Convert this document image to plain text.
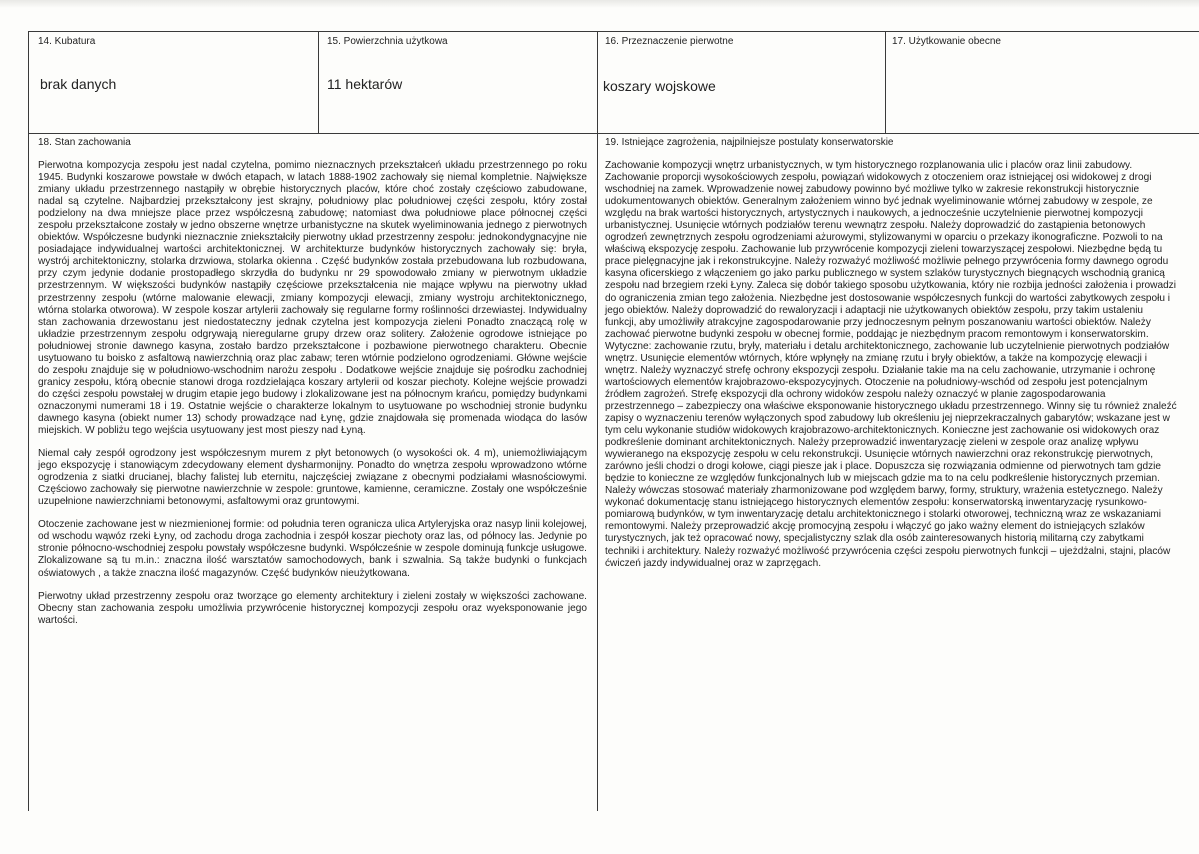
14. Kubatura
brak danych
15. Powierzchnia użytkowa
11 hektarów
16. Przeznaczenie pierwotne
koszary wojskowe
17. Użytkowanie obecne
18. Stan zachowania	19. Istniejące zagrożenia, najpilniejsze postulaty konserwatorskie

Pierwotna kompozycja zespołu jest nadal czytelna, pomimo nieznacznych przekształceń układu przestrzennego po roku 1945. Budynki koszarowe powstałe w dwóch etapach, w latach 1888-1902 zachowały się niemal kompletnie. Największe zmiany układu przestrzennego nastąpiły w obrębie historycznych placów, które choć zostały częściowo zabudowane, nadal są czytelne. Najbardziej przekształcony jest skrajny, południowy plac południowej części zespołu, który został podzielony na dwa mniejsze place przez współczesną zabudowę; natomiast dwa południowe place północnej części zespołu przekształcone zostały w jedno obszerne wnętrze urbanistyczne na skutek wyeliminowania jednego z pierwotnych obiektów. Współczesne budynki nieznacznie zniekształciły pierwotny układ przestrzenny zespołu: jednokondygnacyjne nie posiadające indywidualnej wartości architektonicznej. W architekturze budynków historycznych zachowały się: bryła, wystrój architektoniczny, stolarka drzwiowa, stolarka okienna . Część budynków została przebudowana lub rozbudowana, przy czym jedynie dodanie prostopadłego skrzydła do budynku nr 29 spowodowało zmiany w pierwotnym układzie przestrzennym. W większości budynków nastąpiły częściowe przekształcenia nie mające wpływu na pierwotny układ przestrzenny zespołu (wtórne malowanie elewacji, zmiany kompozycji elewacji, zmiany wystroju architektonicznego, wtórna stolarka otworowa). W zespole koszar artylerii zachowały się regularne formy roślinności drzewiastej. Indywidualny stan zachowania drzewostanu jest niedostateczny jednak czytelna jest kompozycja zieleni Ponadto znaczącą rolę w układzie przestrzennym zespołu odgrywają nieregularne grupy drzew oraz solitery. Założenie ogrodowe istniejące po południowej stronie dawnego kasyna, zostało bardzo przekształcone i pozbawione pierwotnego charakteru. Obecnie usytuowano tu boisko z asfaltową nawierzchnią oraz plac zabaw; teren wtórnie podzielono ogrodzeniami. Główne wejście do zespołu znajduje się w południowo-wschodnim narożu zespołu . Dodatkowe wejście znajduje się pośrodku zachodniej granicy zespołu, którą obecnie stanowi droga rozdzielająca koszary artylerii od koszar piechoty. Kolejne wejście prowadzi do części zespołu powstałej w drugim etapie jego budowy i zlokalizowane jest na północnym krańcu, pomiędzy budynkami oznaczonymi numerami 18 i 19. Ostatnie wejście o charakterze lokalnym to usytuowane po wschodniej stronie budynku dawnego kasyna (obiekt numer 13) schody prowadzące nad Łynę, gdzie znajdowała się promenada wiodąca do lasów miejskich. W pobliżu tego wejścia usytuowany jest most pieszy nad Łyną.

Niemal cały zespół ogrodzony jest współczesnym murem z płyt betonowych (o wysokości ok. 4 m), uniemożliwiającym jego ekspozycję i stanowiącym zdecydowany element dysharmonijny. Ponadto do wnętrza zespołu wprowadzono wtórne ogrodzenia z siatki drucianej, blachy falistej lub eternitu, najczęściej związane z obecnymi podziałami własnościowymi. Częściowo zachowały się pierwotne nawierzchnie w zespole: gruntowe, kamienne, ceramiczne. Zostały one współcześnie uzupełnione nawierzchniami betonowymi, asfaltowymi oraz gruntowymi.

Otoczenie zachowane jest w niezmienionej formie: od południa teren ogranicza ulica Artyleryjska oraz nasyp linii kolejowej, od wschodu wąwóz rzeki Łyny, od zachodu droga zachodnia i zespół koszar piechoty oraz las, od północy las. Jedynie po stronie północno-wschodniej zespołu powstały współczesne budynki. Współcześnie w zespole dominują funkcje usługowe. Zlokalizowane są tu m.in.: znaczna ilość warsztatów samochodowych, bank i szwalnia. Są także budynki o funkcjach oświatowych , a także znaczna ilość magazynów. Część budynków nieużytkowana.

Pierwotny układ przestrzenny zespołu oraz tworzące go elementy architektury i zieleni zostały w większości zachowane. Obecny stan zachowania zespołu umożliwia przywrócenie historycznej kompozycji zespołu oraz wyeksponowanie jego wartości.

Zachowanie kompozycji wnętrz urbanistycznych, w tym historycznego rozplanowania ulic i placów oraz linii zabudowy. Zachowanie proporcji wysokościowych zespołu, powiązań widokowych z otoczeniem oraz istniejącej osi widokowej z drogi wschodniej na zamek. Wprowadzenie nowej zabudowy powinno być możliwe tylko w zakresie rekonstrukcji historycznie udokumentowanych obiektów. Generalnym założeniem winno być jednak wyeliminowanie wtórnej zabudowy w zespole, ze względu na brak wartości historycznych, artystycznych i naukowych, a jednocześnie uczytelnienie pierwotnej kompozycji urbanistycznej. Usunięcie wtórnych podziałów terenu wewnątrz zespołu. Należy doprowadzić do zastąpienia betonowych ogrodzeń zewnętrznych zespołu ogrodzeniami ażurowymi, stylizowanymi w oparciu o przekazy ikonograficzne. Pozwoli to na właściwą ekspozycję zespołu. Zachowanie lub przywrócenie kompozycji zieleni towarzyszącej zespołowi. Niezbędne będą tu prace pielęgnacyjne jak i rekonstrukcyjne. Należy rozważyć możliwość możliwie pełnego przywrócenia formy dawnego ogrodu kasyna oficerskiego z włączeniem go jako parku publicznego w system szlaków turystycznych biegnących wschodnią granicą zespołu nad brzegiem rzeki Łyny. Zaleca się dobór takiego sposobu użytkowania, który nie rozbija jedności założenia i prowadzi do ograniczenia zmian tego założenia. Niezbędne jest dostosowanie współczesnych funkcji do wartości zabytkowych zespołu i jego obiektów. Należy doprowadzić do rewaloryzacji i adaptacji nie użytkowanych obiektów zespołu, przy takim ustaleniu funkcji, aby umożliwiły atrakcyjne zagospodarowanie przy jednoczesnym pełnym poszanowaniu wartości obiektów. Należy zachować pierwotne budynki zespołu w obecnej formie, poddając je niezbędnym pracom remontowym i konserwatorskim. Wytyczne: zachowanie rzutu, bryły, materiału i detalu architektonicznego, zachowanie lub uczytelnienie pierwotnych podziałów wnętrz. Usunięcie elementów wtórnych, które wpłynęły na zmianę rzutu i bryły obiektów, a także na kompozycję elewacji i wnętrz. Należy wyznaczyć strefę ochrony ekspozycji zespołu. Działanie takie ma na celu zachowanie, utrzymanie i ochronę wartościowych elementów krajobrazowo-ekspozycyjnych. Otoczenie na południowy-wschód od zespołu jest potencjalnym źródłem zagrożeń. Strefę ekspozycji dla ochrony widoków zespołu należy oznaczyć w planie zagospodarowania przestrzennego – zabezpieczy ona właściwe eksponowanie historycznego układu przestrzennego. Winny się tu również znaleźć zapisy o wyznaczeniu terenów wyłączonych spod zabudowy lub określeniu jej nieprzekraczalnych gabarytów; wskazane jest w tym celu wykonanie studiów widokowych krajobrazowo-architektonicznych. Konieczne jest zachowanie osi widokowych oraz podkreślenie dominant architektonicznych. Należy przeprowadzić inwentaryzację zieleni w zespole oraz analizę wpływu wywieranego na ekspozycję zespołu w celu rekonstrukcji. Usunięcie wtórnych nawierzchni oraz rekonstrukcję pierwotnych, zarówno jeśli chodzi o drogi kołowe, ciągi piesze jak i place. Dopuszcza się rozwiązania odmienne od pierwotnych tam gdzie będzie to konieczne ze względów funkcjonalnych lub w miejscach gdzie ma to na celu podkreślenie historycznych przemian. Należy wówczas stosować materiały zharmonizowane pod względem barwy, formy, struktury, wrażenia estetycznego. Należy wykonać dokumentację stanu istniejącego historycznych elementów zespołu: konserwatorską inwentaryzację rysunkowo-pomiarową budynków, w tym inwentaryzację detalu architektonicznego i stolarki otworowej, techniczną wraz ze wskazaniami remontowymi. Należy przeprowadzić akcję promocyjną zespołu i włączyć go jako ważny element do istniejących szlaków turystycznych, jak też opracować nowy, specjalistyczny szlak dla osób zainteresowanych historią militarną czy zabytkami techniki i architektury. Należy rozważyć możliwość przywrócenia części zespołu pierwotnych funkcji – ujeżdżalni, stajni, placów ćwiczeń jazdy indywidualnej oraz w zaprzęgach.
